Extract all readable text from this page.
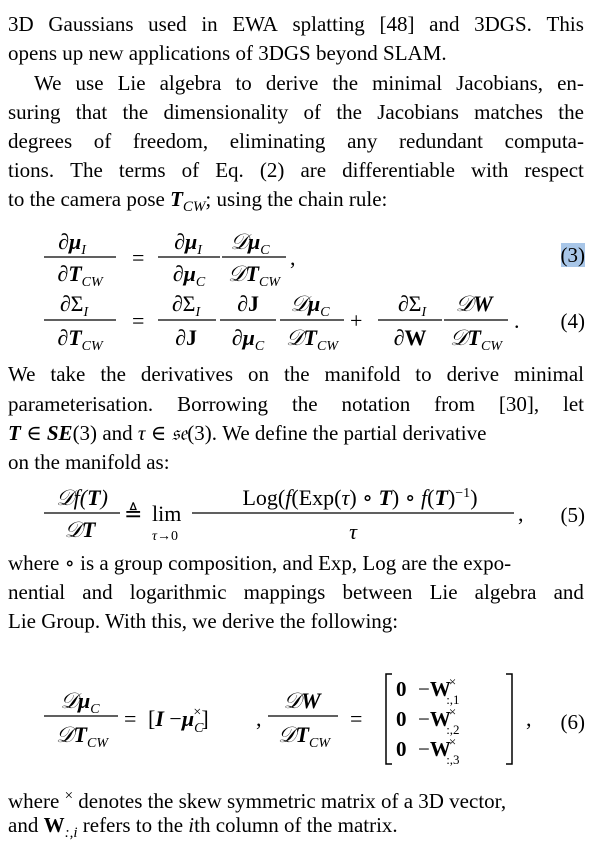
3D Gaussians used in EWA splatting [48] and 3DGS. This
opens up new applications of 3DGS beyond SLAM.
We use Lie algebra to derive the minimal Jacobians, en-
suring that the dimensionality of the Jacobians matches the
degrees of freedom, eliminating any redundant computa-
tions. The terms of Eq. (2) are differentiable with respect
to the camera pose $T_{CW}$; using the chain rule:
$\partial\mu_I$
$\partial T_{CW}$
=
$\partial\mu_I$
$\partial\mu_C$
𝒟μ$_C$
𝒟T$_{CW}$
,	(3)
$\partial\Sigma_I$
$\partial T_{CW}$
=
$\partial\Sigma_I$
∂J
∂J
$\partial\mu_C$
𝒟μ$_C$
𝒟T$_{CW}$
+
$\partial\Sigma_I$
∂W
𝒟W
𝒟T$_{CW}$
. (4)
We take the derivatives on the manifold to derive minimal
parameterisation. Borrowing the notation from [30], let
T ∈ SE(3) and τ ∈ 𝔰𝔢(3). We define the partial derivative
on the manifold as:
𝒟f(T)
𝒟T
≜ lim
τ→0
Log(f(Exp(τ) ∘ T) ∘ $f(T)^{-1}$)
τ
, (5)
where ∘ is a group composition, and Exp, Log are the expo-
nential and logarithmic mappings between Lie algebra and
Lie Group. With this, we derive the following:
𝒟μ$_C$
𝒟T$_{CW}$
= $[I -\mu_C\times]$ ,
𝒟W
𝒟T$_{CW}$
=
0 −W× :,1
0 −W× :,2
0 −W× :,3
, (6)
where × denotes the skew symmetric matrix of a 3D vector,
and $W_{:,i}$ refers to the ith column of the matrix.
